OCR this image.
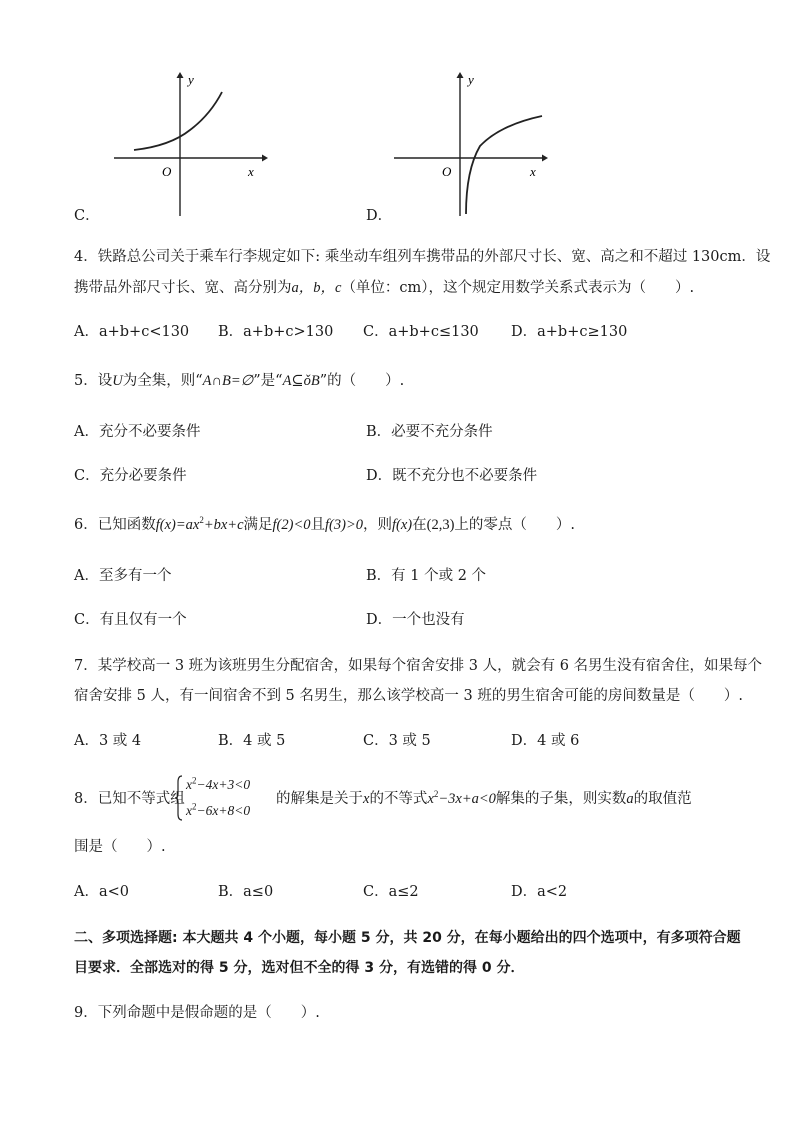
y
x
O
C．
y
x
O
D．
4．铁路总公司关于乘车行李规定如下: 乘坐动车组列车携带品的外部尺寸长、宽、高之和不超过 130cm．设
携带品外部尺寸长、宽、高分别为a，b，c（单位：cm），这个规定用数学关系式表示为（　　）.
A．a+b+c<130 B．a+b+c>130 C．a+b+c≤130 D．a+b+c≥130
5．设U为全集，则“A∩B=∅”是“A⊆ǒB”的（　　）.
A．充分不必要条件	B．必要不充分条件
C．充分必要条件	D．既不充分也不必要条件
6．已知函数$f(x)=ax^2+bx+c$满足f(2)<0且f(3)>0，则f(x)在(2,3)上的零点（　　）.
A．至多有一个	B．有 1 个或 2 个
C．有且仅有一个	D．一个也没有
7．某学校高一 3 班为该班男生分配宿舍，如果每个宿舍安排 3 人，就会有 6 名男生没有宿舍住，如果每个
宿舍安排 5 人，有一间宿舍不到 5 名男生，那么该学校高一 3 班的男生宿舍可能的房间数量是（　　）.
A．3 或 4	B．4 或 5	C．3 或 5	D．4 或 6
8．已知不等式组
$x^2-4x+3<0$
$x^2-6x+8<0$
的解集是关于x的不等式$x^2-3x+a<0$解集的子集，则实数a的取值范
围是（　　）.
A．a<0	B．a≤0	C．a≤2	D．a<2
二、多项选择题: 本大题共 4 个小题，每小题 5 分，共 20 分，在每小题给出的四个选项中，有多项符合题
目要求．全部选对的得 5 分，选对但不全的得 3 分，有选错的得 0 分．
9．下列命题中是假命题的是（　　）.
